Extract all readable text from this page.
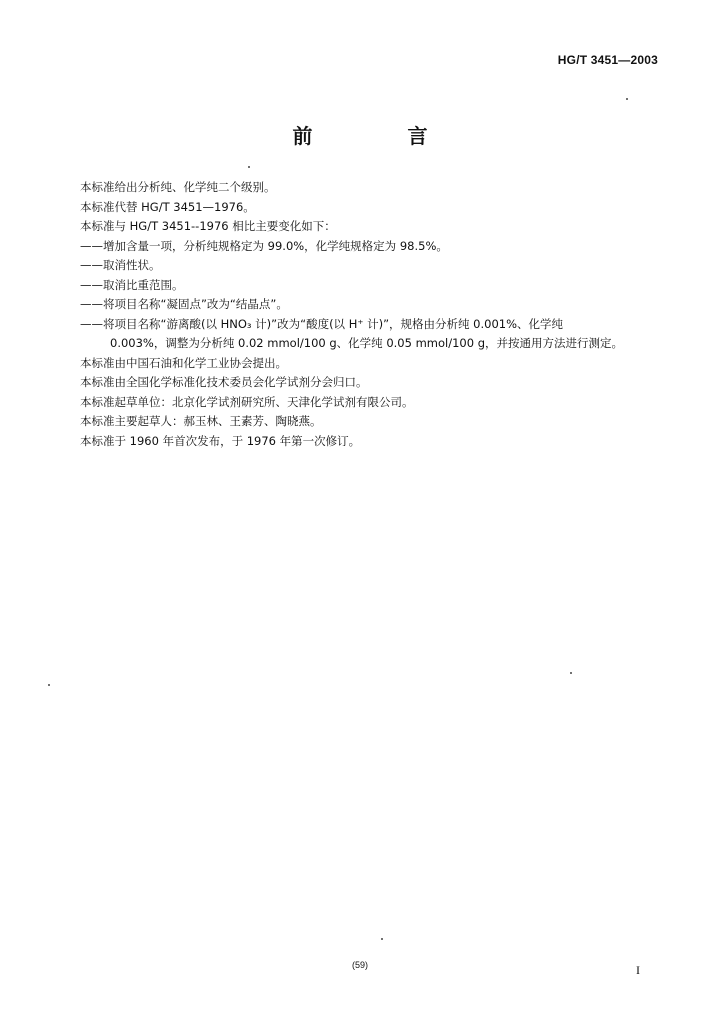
HG/T 3451—2003
前 言

本标准给出分析纯、化学纯二个级别。

本标准代替 HG/T 3451—1976。

本标准与 HG/T 3451--1976 相比主要变化如下：

——增加含量一项，分析纯规格定为 99.0%，化学纯规格定为 98.5%。

——取消性状。

——取消比重范围。

——将项目名称“凝固点”改为“结晶点”。

——将项目名称“游离酸(以 HNO₃ 计)”改为“酸度(以 H⁺ 计)”，规格由分析纯 0.001%、化学纯

0.003%，调整为分析纯 0.02 mmol/100 g、化学纯 0.05 mmol/100 g，并按通用方法进行测定。

本标准由中国石油和化学工业协会提出。

本标准由全国化学标准化技术委员会化学试剂分会归口。

本标准起草单位：北京化学试剂研究所、天津化学试剂有限公司。

本标准主要起草人：郝玉林、王素芳、陶晓燕。

本标准于 1960 年首次发布，于 1976 年第一次修订。

(59)	I
